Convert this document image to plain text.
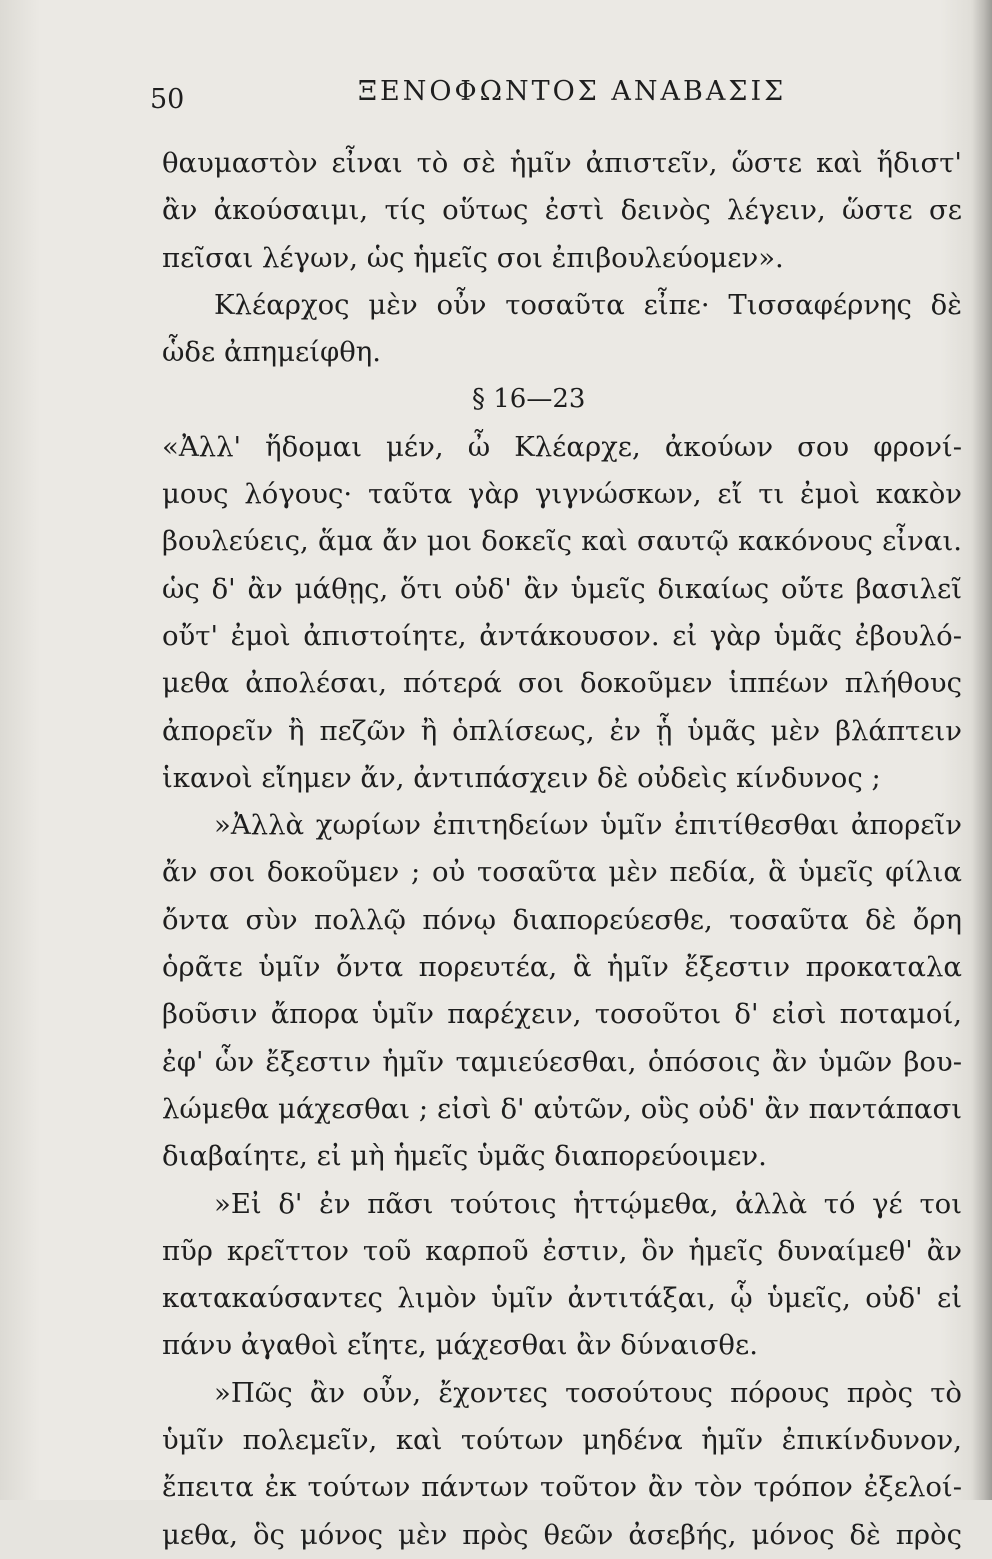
50	ΞΕΝΟΦΩΝΤΟΣ ΑΝΑΒΑΣΙΣ
θαυμαστὸν εἶναι τὸ σὲ ἡμῖν ἀπιστεῖν, ὥστε καὶ ἥδιστ'
ἂν ἀκούσαιμι, τίς οὕτως ἐστὶ δεινὸς λέγειν, ὥστε σε
πεῖσαι λέγων, ὡς ἡμεῖς σοι ἐπιβουλεύομεν».
Κλέαρχος μὲν οὖν τοσαῦτα εἶπε· Τισσαφέρνης δὲ
ὧδε ἀπημείφθη.
§ 16—23
«Ἀλλ' ἥδομαι μέν, ὦ Κλέαρχε, ἀκούων σου φρονί-
μους λόγους· ταῦτα γὰρ γιγνώσκων, εἴ τι ἐμοὶ κακὸν
βουλεύεις, ἅμα ἄν μοι δοκεῖς καὶ σαυτῷ κακόνους εἶναι.
ὡς δ' ἂν μάθῃς, ὅτι οὐδ' ἂν ὑμεῖς δικαίως οὔτε βασιλεῖ
οὔτ' ἐμοὶ ἀπιστοίητε, ἀντάκουσον. εἰ γὰρ ὑμᾶς ἐβουλό-
μεθα ἀπολέσαι, πότερά σοι δοκοῦμεν ἱππέων πλήθους
ἀπορεῖν ἢ πεζῶν ἢ ὁπλίσεως, ἐν ᾗ ὑμᾶς μὲν βλάπτειν
ἱκανοὶ εἴημεν ἄν, ἀντιπάσχειν δὲ οὐδεὶς κίνδυνος ;
»Ἀλλὰ χωρίων ἐπιτηδείων ὑμῖν ἐπιτίθεσθαι ἀπορεῖν
ἄν σοι δοκοῦμεν ; οὐ τοσαῦτα μὲν πεδία, ἃ ὑμεῖς φίλια
ὄντα σὺν πολλῷ πόνῳ διαπορεύεσθε, τοσαῦτα δὲ ὄρη
ὁρᾶτε ὑμῖν ὄντα πορευτέα, ἃ ἡμῖν ἔξεστιν προκαταλα
βοῦσιν ἄπορα ὑμῖν παρέχειν, τοσοῦτοι δ' εἰσὶ ποταμοί,
ἐφ' ὧν ἔξεστιν ἡμῖν ταμιεύεσθαι, ὁπόσοις ἂν ὑμῶν βου-
λώμεθα μάχεσθαι ; εἰσὶ δ' αὐτῶν, οὓς οὐδ' ἂν παντάπασι
διαβαίητε, εἰ μὴ ἡμεῖς ὑμᾶς διαπορεύοιμεν.
»Εἰ δ' ἐν πᾶσι τούτοις ἡττῴμεθα, ἀλλὰ τό γέ τοι
πῦρ κρεῖττον τοῦ καρποῦ ἐστιν, ὃν ἡμεῖς δυναίμεθ' ἂν
κατακαύσαντες λιμὸν ὑμῖν ἀντιτάξαι, ᾧ ὑμεῖς, οὐδ' εἰ
πάνυ ἀγαθοὶ εἴητε, μάχεσθαι ἂν δύναισθε.
»Πῶς ἂν οὖν, ἔχοντες τοσούτους πόρους πρὸς τὸ
ὑμῖν πολεμεῖν, καὶ τούτων μηδένα ἡμῖν ἐπικίνδυνον,
ἔπειτα ἐκ τούτων πάντων τοῦτον ἂν τὸν τρόπον ἐξελοί-
μεθα, ὃς μόνος μὲν πρὸς θεῶν ἀσεβής, μόνος δὲ πρὸς
